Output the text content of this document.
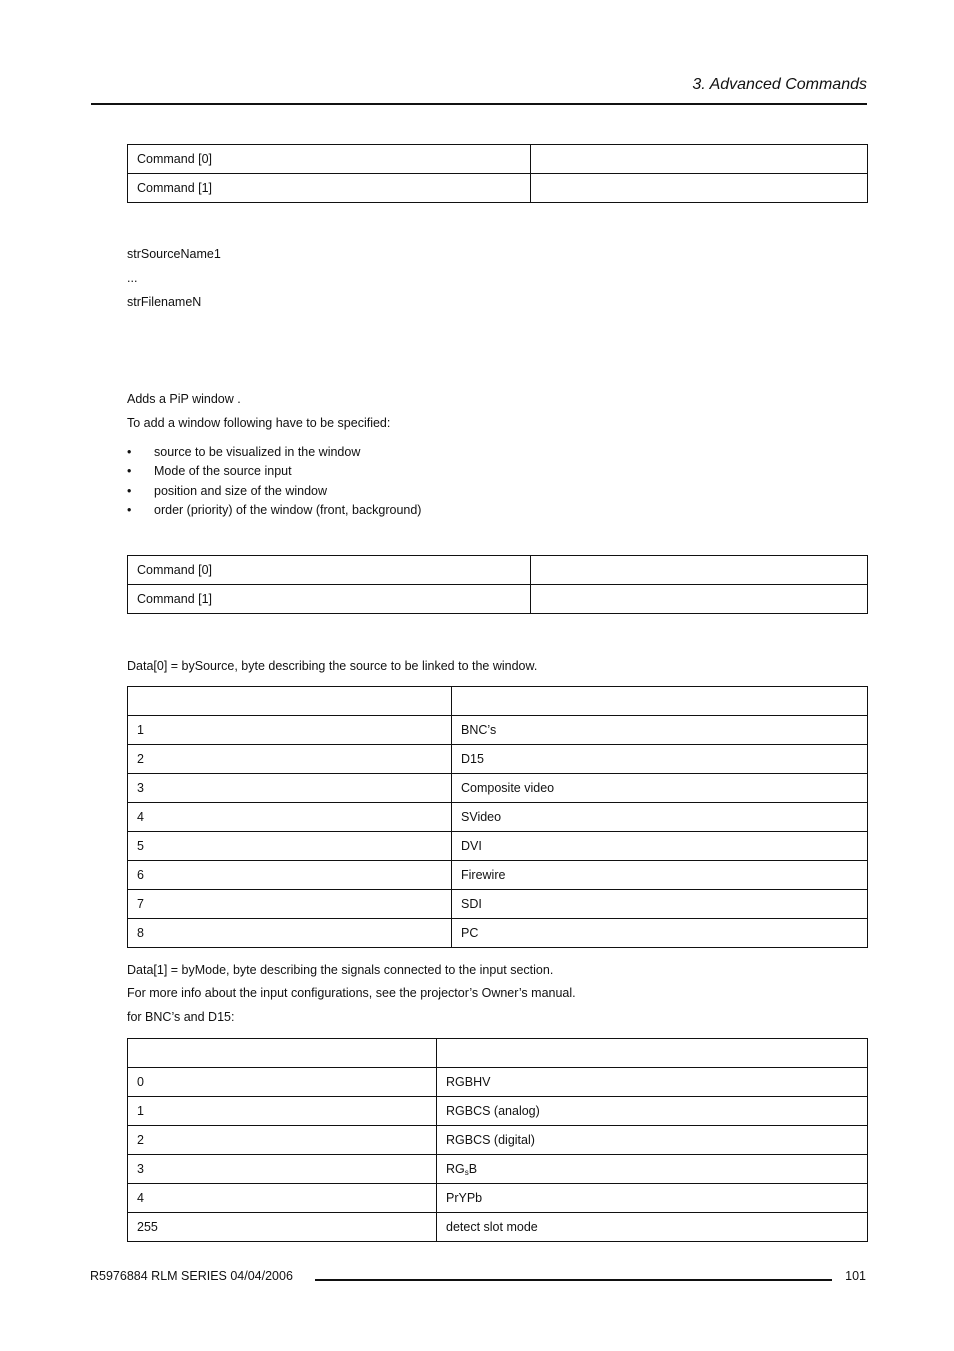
3. Advanced Commands
Command [0]	
Command [1]	
strSourceName1
...
strFilenameN
Adds a PiP window .
To add a window following have to be specified:
•	source to be visualized in the window
•	Mode of the source input
•	position and size of the window
•	order (priority) of the window (front, background)
Command [0]	
Command [1]	
Data[0] = bySource, byte describing the source to be linked to the window.

1	BNC’s
2	D15
3	Composite video
4	SVideo
5	DVI
6	Firewire
7	SDI
8	PC
Data[1] = byMode, byte describing the signals connected to the input section.
For more info about the input configurations, see the projector’s Owner’s manual.
for BNC’s and D15:

0	RGBHV
1	RGBCS (analog)
2	RGBCS (digital)
3	$RG_sB$
4	PrYPb
255	detect slot mode
R5976884 RLM SERIES 04/04/2006	101
